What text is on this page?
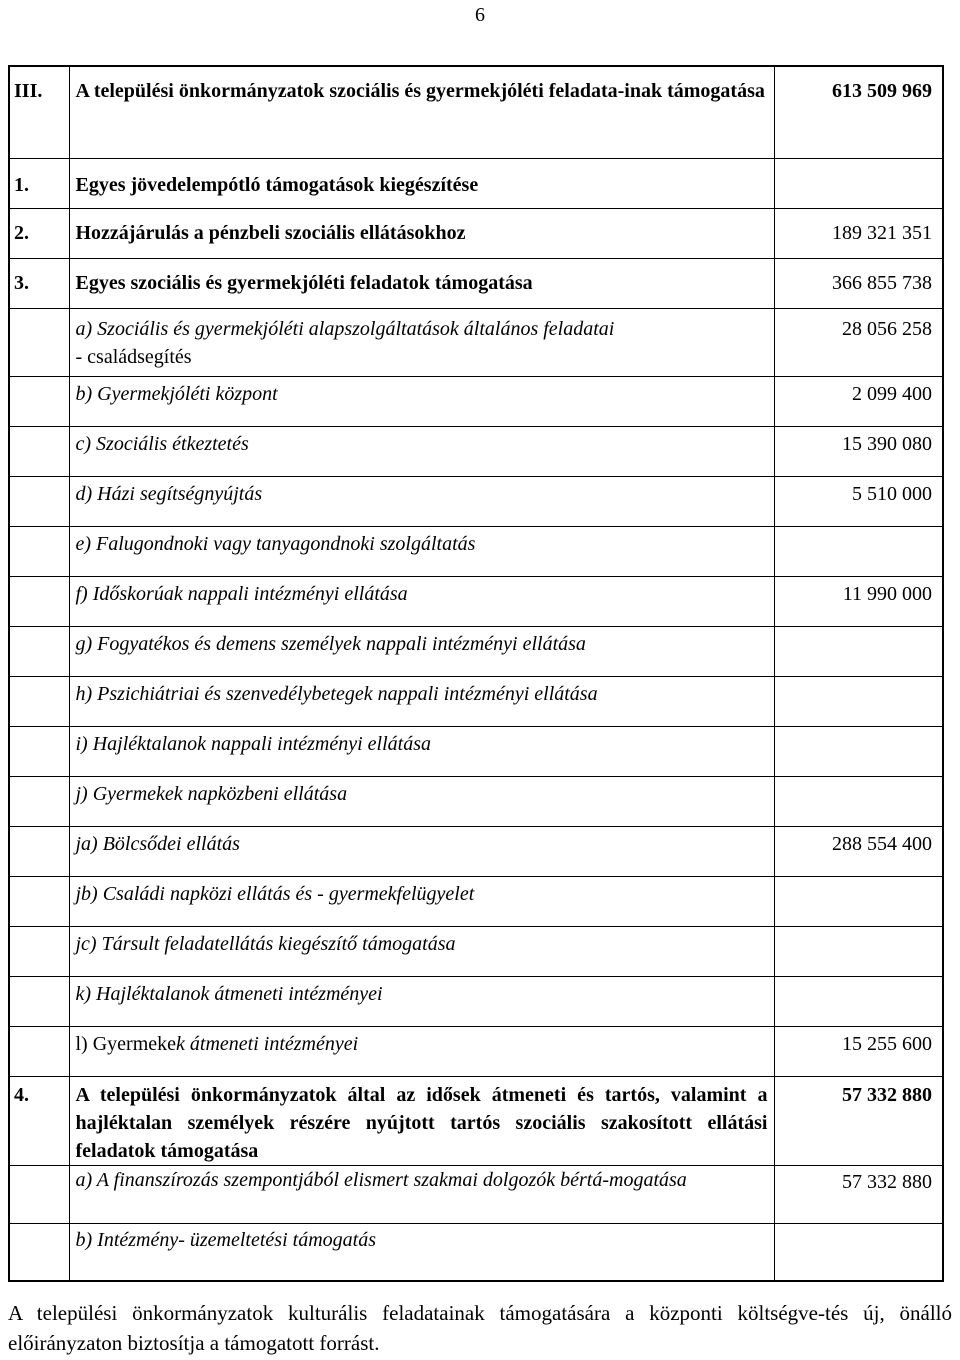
6
III.	A települési önkormányzatok szociális és gyermekjóléti feladata-inak támogatása	613 509 969
1.	Egyes jövedelempótló támogatások kiegészítése	
2.	Hozzájárulás a pénzbeli szociális ellátásokhoz	189 321 351
3.	Egyes szociális és gyermekjóléti feladatok támogatása	366 855 738
	a) Szociális és gyermekjóléti alapszolgáltatások általános feladatai
- családsegítés	28 056 258
	b) Gyermekjóléti központ	2 099 400
	c) Szociális étkeztetés	15 390 080
	d) Házi segítségnyújtás	5 510 000
	e) Falugondnoki vagy tanyagondnoki szolgáltatás	
	f) Időskorúak nappali intézményi ellátása	11 990 000
	g) Fogyatékos és demens személyek nappali intézményi ellátása	
	h) Pszichiátriai és szenvedélybetegek nappali intézményi ellátása	
	i) Hajléktalanok nappali intézményi ellátása	
	j) Gyermekek napközbeni ellátása	
	ja) Bölcsődei ellátás	288 554 400
	jb) Családi napközi ellátás és - gyermekfelügyelet	
	jc) Társult feladatellátás kiegészítő támogatása	
	k) Hajléktalanok átmeneti intézményei	
	l) Gyermekek átmeneti intézményei	15 255 600
4.	A települési önkormányzatok által az idősek átmeneti és tartós, valamint a hajléktalan személyek részére nyújtott tartós szociális szakosított ellátási feladatok támogatása	57 332 880
	a) A finanszírozás szempontjából elismert szakmai dolgozók bértá-mogatása	57 332 880
	b) Intézmény- üzemeltetési támogatás	
A települési önkormányzatok kulturális feladatainak támogatására a központi költségve-tés új, önálló előirányzaton biztosítja a támogatott forrást.
